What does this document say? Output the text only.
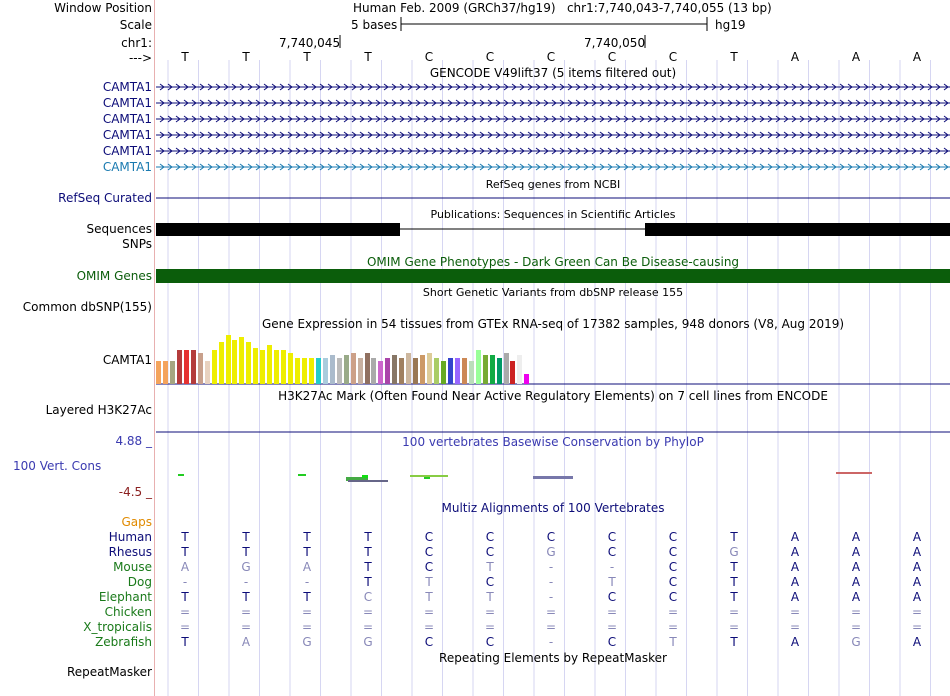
Window Position
Scale
chr1:
--->
Human Feb. 2009 (GRCh37/hg19)   chr1:7,740,043-7,740,055 (13 bp)
5 bases	hg19
7,740,045	7,740,050
T	T	T	T	C	C	C	C	C	T	A	A	A
GENCODE V49lift37 (5 items filtered out)
CAMTA1
CAMTA1
CAMTA1
CAMTA1
CAMTA1
CAMTA1
RefSeq genes from NCBI
RefSeq Curated
Publications: Sequences in Scientific Articles
Sequences
SNPs
OMIM Gene Phenotypes - Dark Green Can Be Disease-causing
OMIM Genes
Short Genetic Variants from dbSNP release 155
Common dbSNP(155)
Gene Expression in 54 tissues from GTEx RNA-seq of 17382 samples, 948 donors (V8, Aug 2019)
CAMTA1
H3K27Ac Mark (Often Found Near Active Regulatory Elements) on 7 cell lines from ENCODE
Layered H3K27Ac
100 vertebrates Basewise Conservation by PhyloP
4.88 _
100 Vert. Cons
-4.5 _
Multiz Alignments of 100 Vertebrates
Gaps
Human	T	T	T	T	C	C	C	C	C	T	A	A	A
Rhesus	T	T	T	T	C	C	G	C	C	G	A	A	A
Mouse	A	G	A	T	C	T	-	-	C	T	A	A	A
Dog	-	-	-	T	T	C	-	T	C	T	A	A	A
Elephant	T	T	T	C	T	T	-	C	C	T	A	A	A
Chicken	=	=	=	=	=	=	=	=	=	=	=	=	=
X_tropicalis	=	=	=	=	=	=	=	=	=	=	=	=	=
Zebrafish	T	A	G	G	C	C	-	C	T	T	A	G	A
Repeating Elements by RepeatMasker
RepeatMasker
